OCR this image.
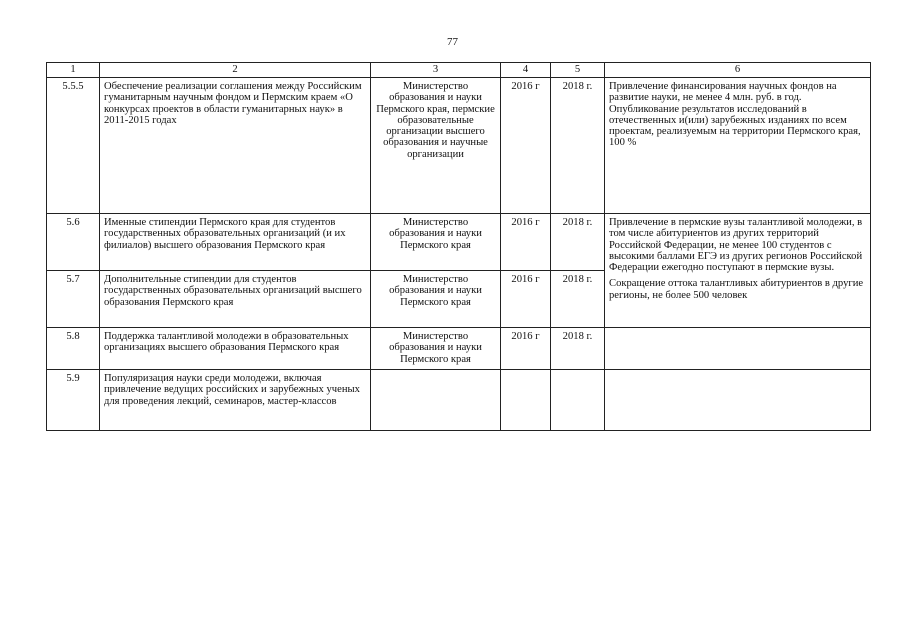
77
1	2	3	4	5	6
5.5.5	Обеспечение реализации соглашения между Российским гуманитарным научным фондом и Пермским краем «О конкурсах проектов в области гуманитарных наук» в 2011-2015 годах	Министерство образования и науки Пермского края, пермские образовательные организации высшего образования и научные организации	2016 г	2018 г.	Привлечение финансирования научных фондов на развитие науки, не менее 4 млн. руб. в год. Опубликование результатов исследований в отечественных и(или) зарубежных изданиях по всем проектам, реализуемым на территории Пермского края, 100 %

5.6	Именные стипендии Пермского края для студентов государственных образовательных организаций (и их филиалов) высшего образования Пермского края	Министерство образования и науки Пермского края	2016 г	2018 г.	Привлечение в пермские вузы талантливой молодежи, в том числе абитуриентов из других территорий Российской Федерации, не менее 100 студентов с высокими баллами ЕГЭ из других регионов Российской Федерации ежегодно поступают в пермские вузы.
Сокращение оттока талантливых абитуриентов в другие регионы, не более 500 человек

5.7	Дополнительные стипендии для студентов государственных образовательных организаций высшего образования Пермского края	Министерство образования и науки Пермского края	2016 г	2018 г.	
5.8	Поддержка талантливой молодежи в образовательных организациях высшего образования Пермского края	Министерство образования и науки Пермского края	2016 г	2018 г.	
5.9	Популяризация науки среди молодежи, включая привлечение ведущих российских и зарубежных ученых для проведения лекций, семинаров, мастер-классов				
